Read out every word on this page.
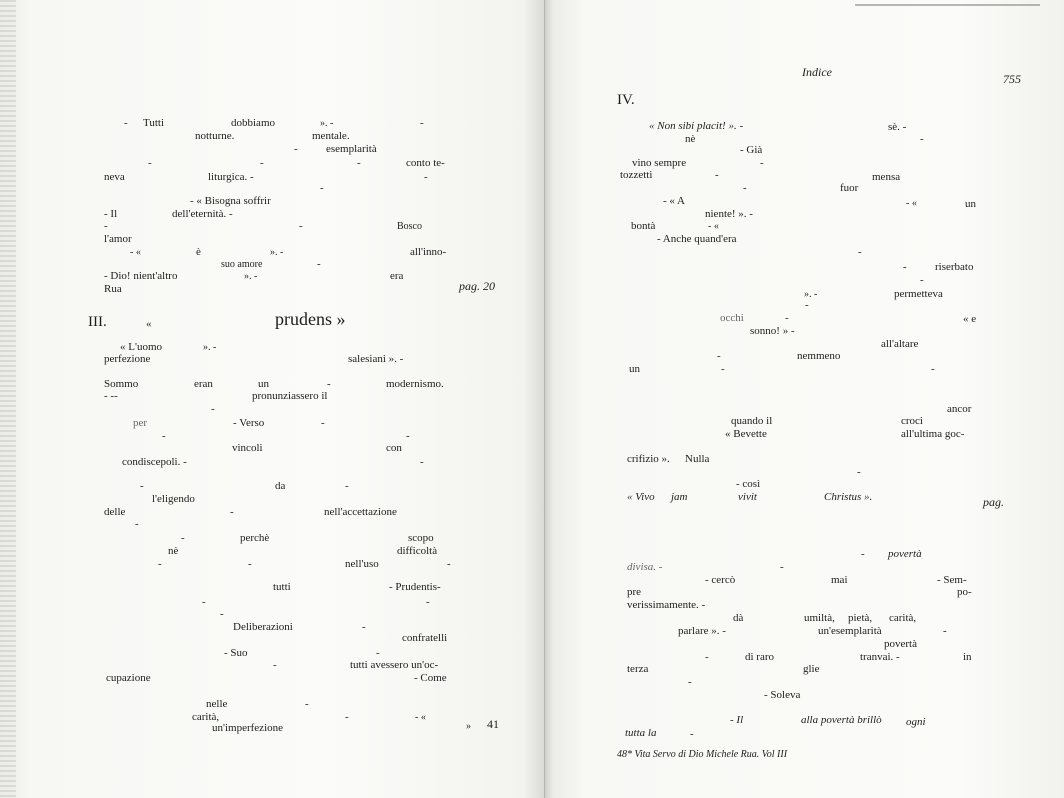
- Tutti	dobbiamo	». -	-
notturne.	mentale.
-	esemplarità
-	-	-	conto te-
neva	liturgica. -	-
-
- « Bisogna soffrir
- Il	dell'eternità. -
-	-	Bosco
l'amor
- «	è	». -	all'inno-
suo amore	-
- Dio! nient'altro	». -	era
Rua	pag. 20
III.	«	prudens »
« L'uomo	». -
perfezione	salesiani ». -
Sommo	eran	un	-	modernismo.
- --	pronunziassero il
-
per	- Verso	-
-	-
vincoli	con
condiscepoli. -	-
-	da	-
l'eligendo
delle	-	nell'accettazione
-
-	perchè	scopo
nè	difficoltà
-	-	nell'uso	-
tutti	- Prudentis-
-	-
-
Deliberazioni	-
confratelli
- Suo	-
-	tutti avessero un'oc-
cupazione	- Come
nelle	-
carità,	-	- «
un'imperfezione	» 41
Indice	755
IV.
« Non sibi placit! ». -	sè. -
nè	-
- Già
vino sempre	-
tozzetti	-	mensa
-	fuor
- « A	- «	un
niente! ». -
bontà	- «
- Anche quand'era
-
-	riserbato
-
». -	permetteva
-
occhi	-	« e
sonno! » -
all'altare
-	nemmeno
un	-	-
ancor
quando il	croci
« Bevette	all'ultima goc-
crifizio ». Nulla
-
- così
« Vivo jam	vivit	Christus ».	pag.
- povertà
divisa. -	-
- cercò	mai	- Sem-
pre	po-
verissimamente. -
dà	umiltà, pietà, carità,
parlare ». -	un'esemplarità	-
povertà
-	di raro	tranvai. -	in
terza	glie
-
- Soleva
- Il	alla povertà brillò ogni
tutta la	-
48* Vita Servo di Dio Michele Rua. Vol III
